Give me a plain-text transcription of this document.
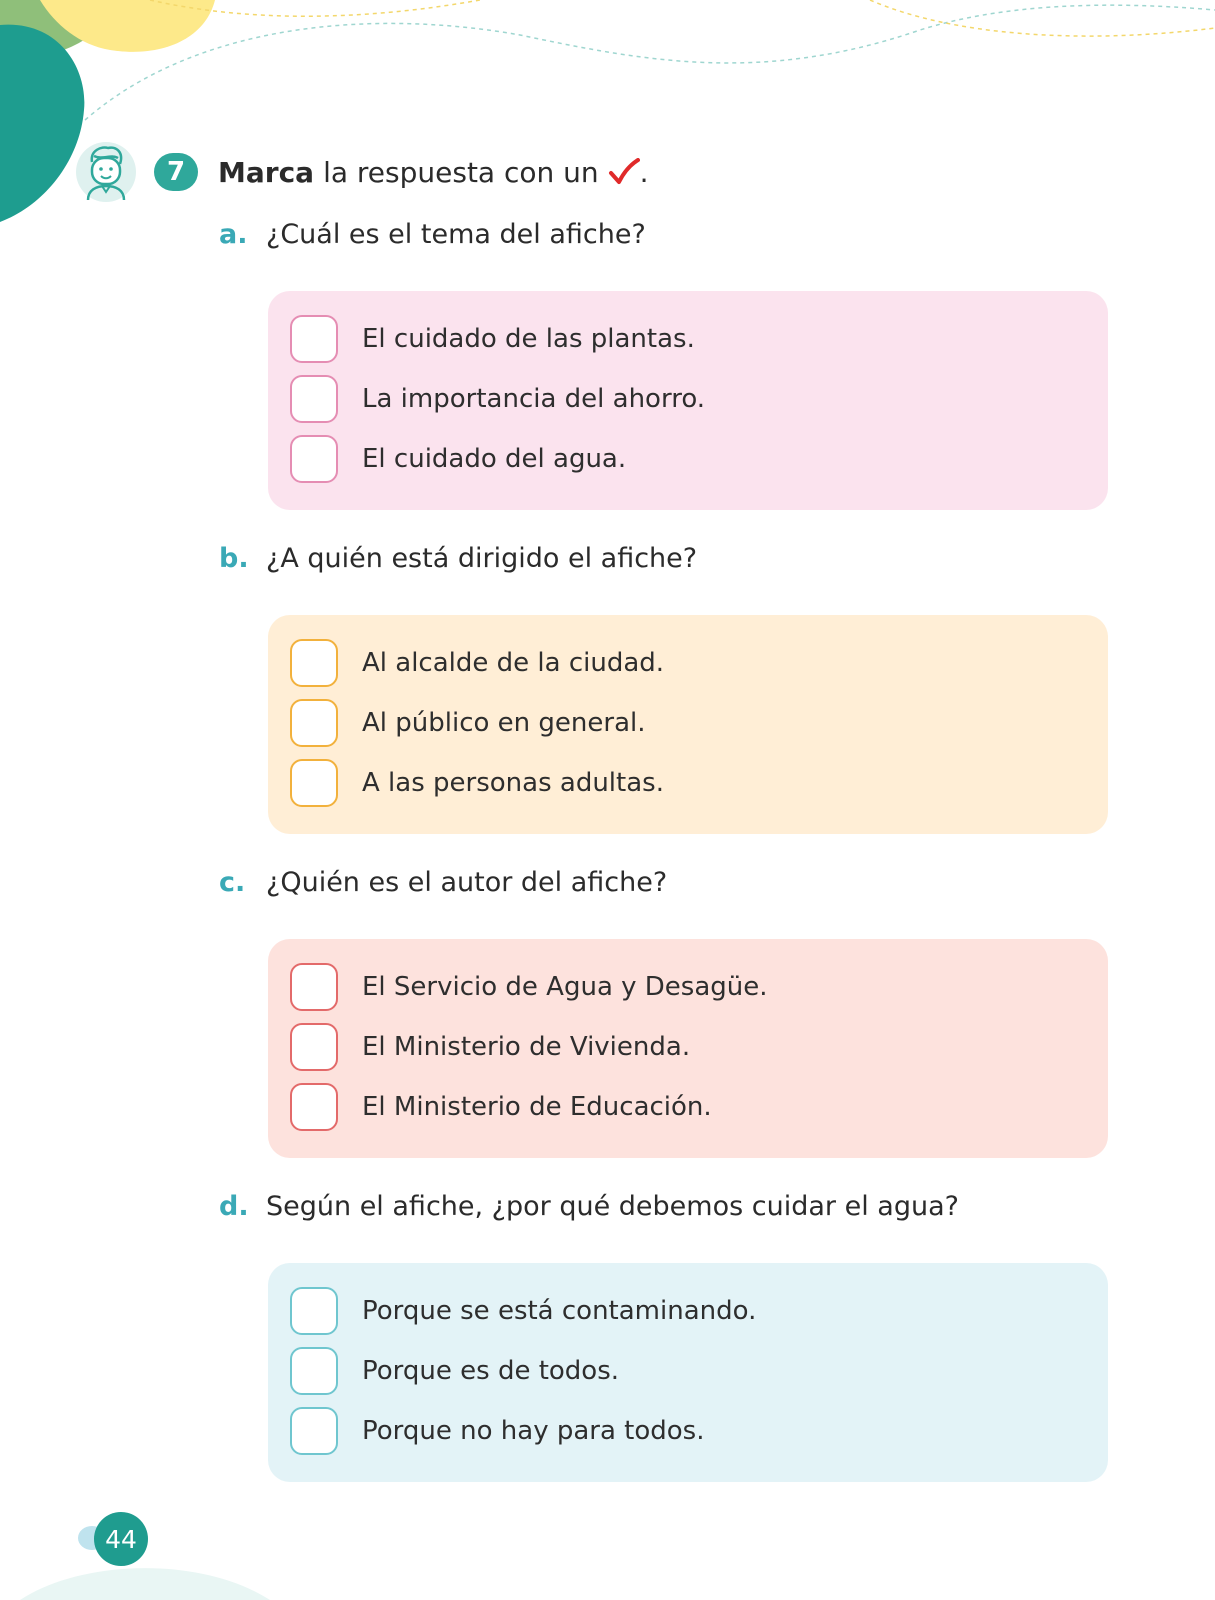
7	Marca la respuesta con un .
a. ¿Cuál es el tema del afiche?
El cuidado de las plantas.
La importancia del ahorro.
El cuidado del agua.
b. ¿A quién está dirigido el afiche?
Al alcalde de la ciudad.
Al público en general.
A las personas adultas.
c. ¿Quién es el autor del afiche?
El Servicio de Agua y Desagüe.
El Ministerio de Vivienda.
El Ministerio de Educación.
d. Según el afiche, ¿por qué debemos cuidar el agua?
Porque se está contaminando.
Porque es de todos.
Porque no hay para todos.
44
